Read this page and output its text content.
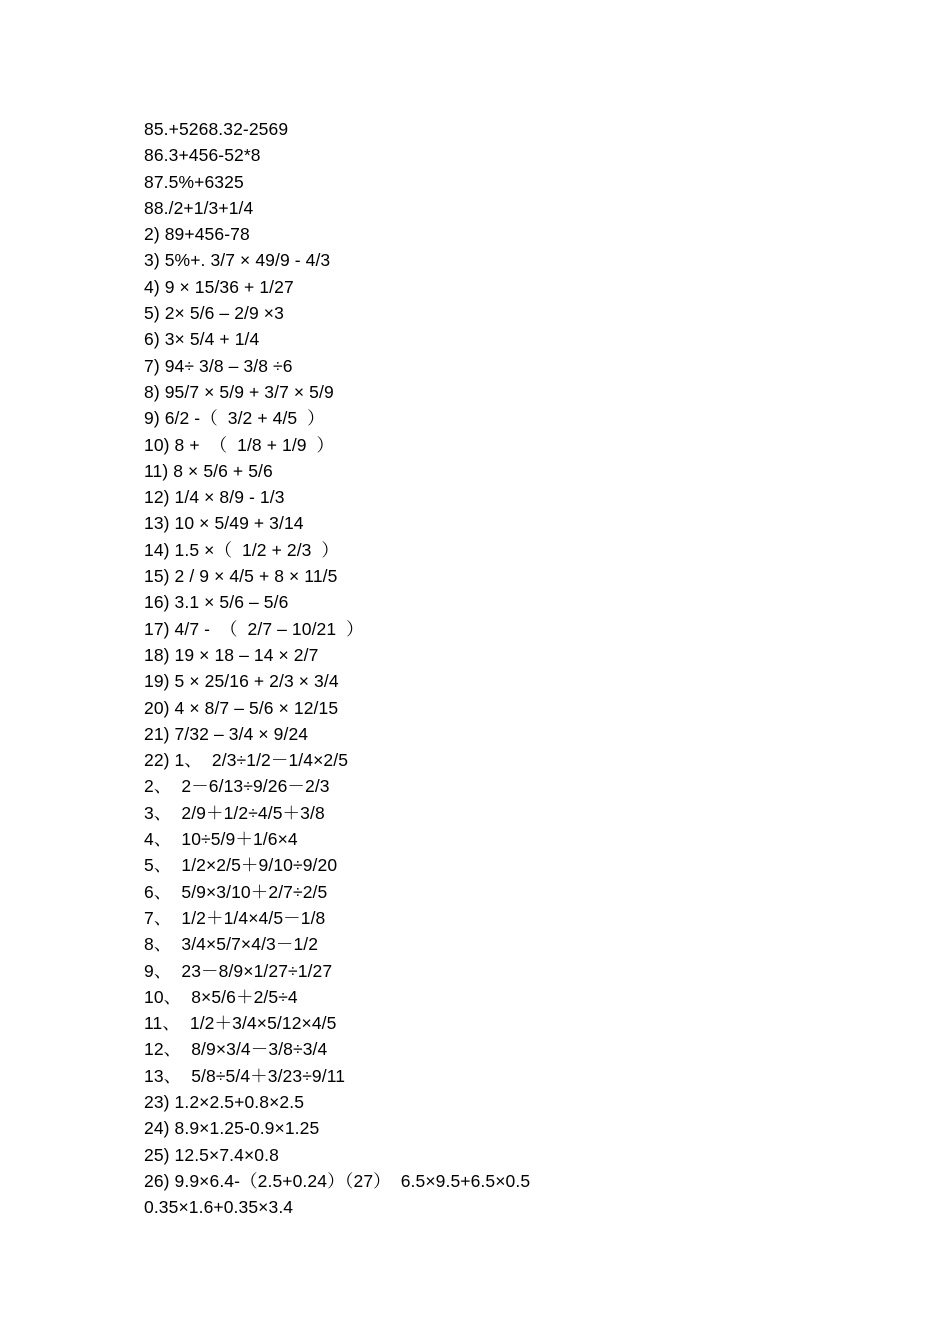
85.+5268.32-2569
86.3+456-52*8
87.5%+6325
88./2+1/3+1/4
2) 89+456-78
3) 5%+. 3/7 × 49/9 - 4/3
4) 9 × 15/36 + 1/27
5) 2× 5/6 – 2/9 ×3
6) 3× 5/4 + 1/4
7) 94÷ 3/8 – 3/8 ÷6
8) 95/7 × 5/9 + 3/7 × 5/9
9) 6/2 -（  3/2 + 4/5  ）
10) 8 +  （  1/8 + 1/9  ）
11) 8 × 5/6 + 5/6
12) 1/4 × 8/9 - 1/3
13) 10 × 5/49 + 3/14
14) 1.5 ×（  1/2 + 2/3  ）
15) 2 / 9 × 4/5 + 8 × 11/5
16) 3.1 × 5/6 – 5/6
17) 4/7 -  （  2/7 – 10/21  ）
18) 19 × 18 – 14 × 2/7
19) 5 × 25/16 + 2/3 × 3/4
20) 4 × 8/7 – 5/6 × 12/15
21) 7/32 – 3/4 × 9/24
22) 1、  2/3÷1/2－1/4×2/5
2、  2－6/13÷9/26－2/3
3、  2/9＋1/2÷4/5＋3/8
4、  10÷5/9＋1/6×4
5、  1/2×2/5＋9/10÷9/20
6、  5/9×3/10＋2/7÷2/5
7、  1/2＋1/4×4/5－1/8
8、  3/4×5/7×4/3－1/2
9、  23－8/9×1/27÷1/27
10、  8×5/6＋2/5÷4
11、  1/2＋3/4×5/12×4/5
12、  8/9×3/4－3/8÷3/4
13、  5/8÷5/4＋3/23÷9/11
23) 1.2×2.5+0.8×2.5
24) 8.9×1.25-0.9×1.25
25) 12.5×7.4×0.8
26) 9.9×6.4-（2.5+0.24）（27）  6.5×9.5+6.5×0.5
0.35×1.6+0.35×3.4
